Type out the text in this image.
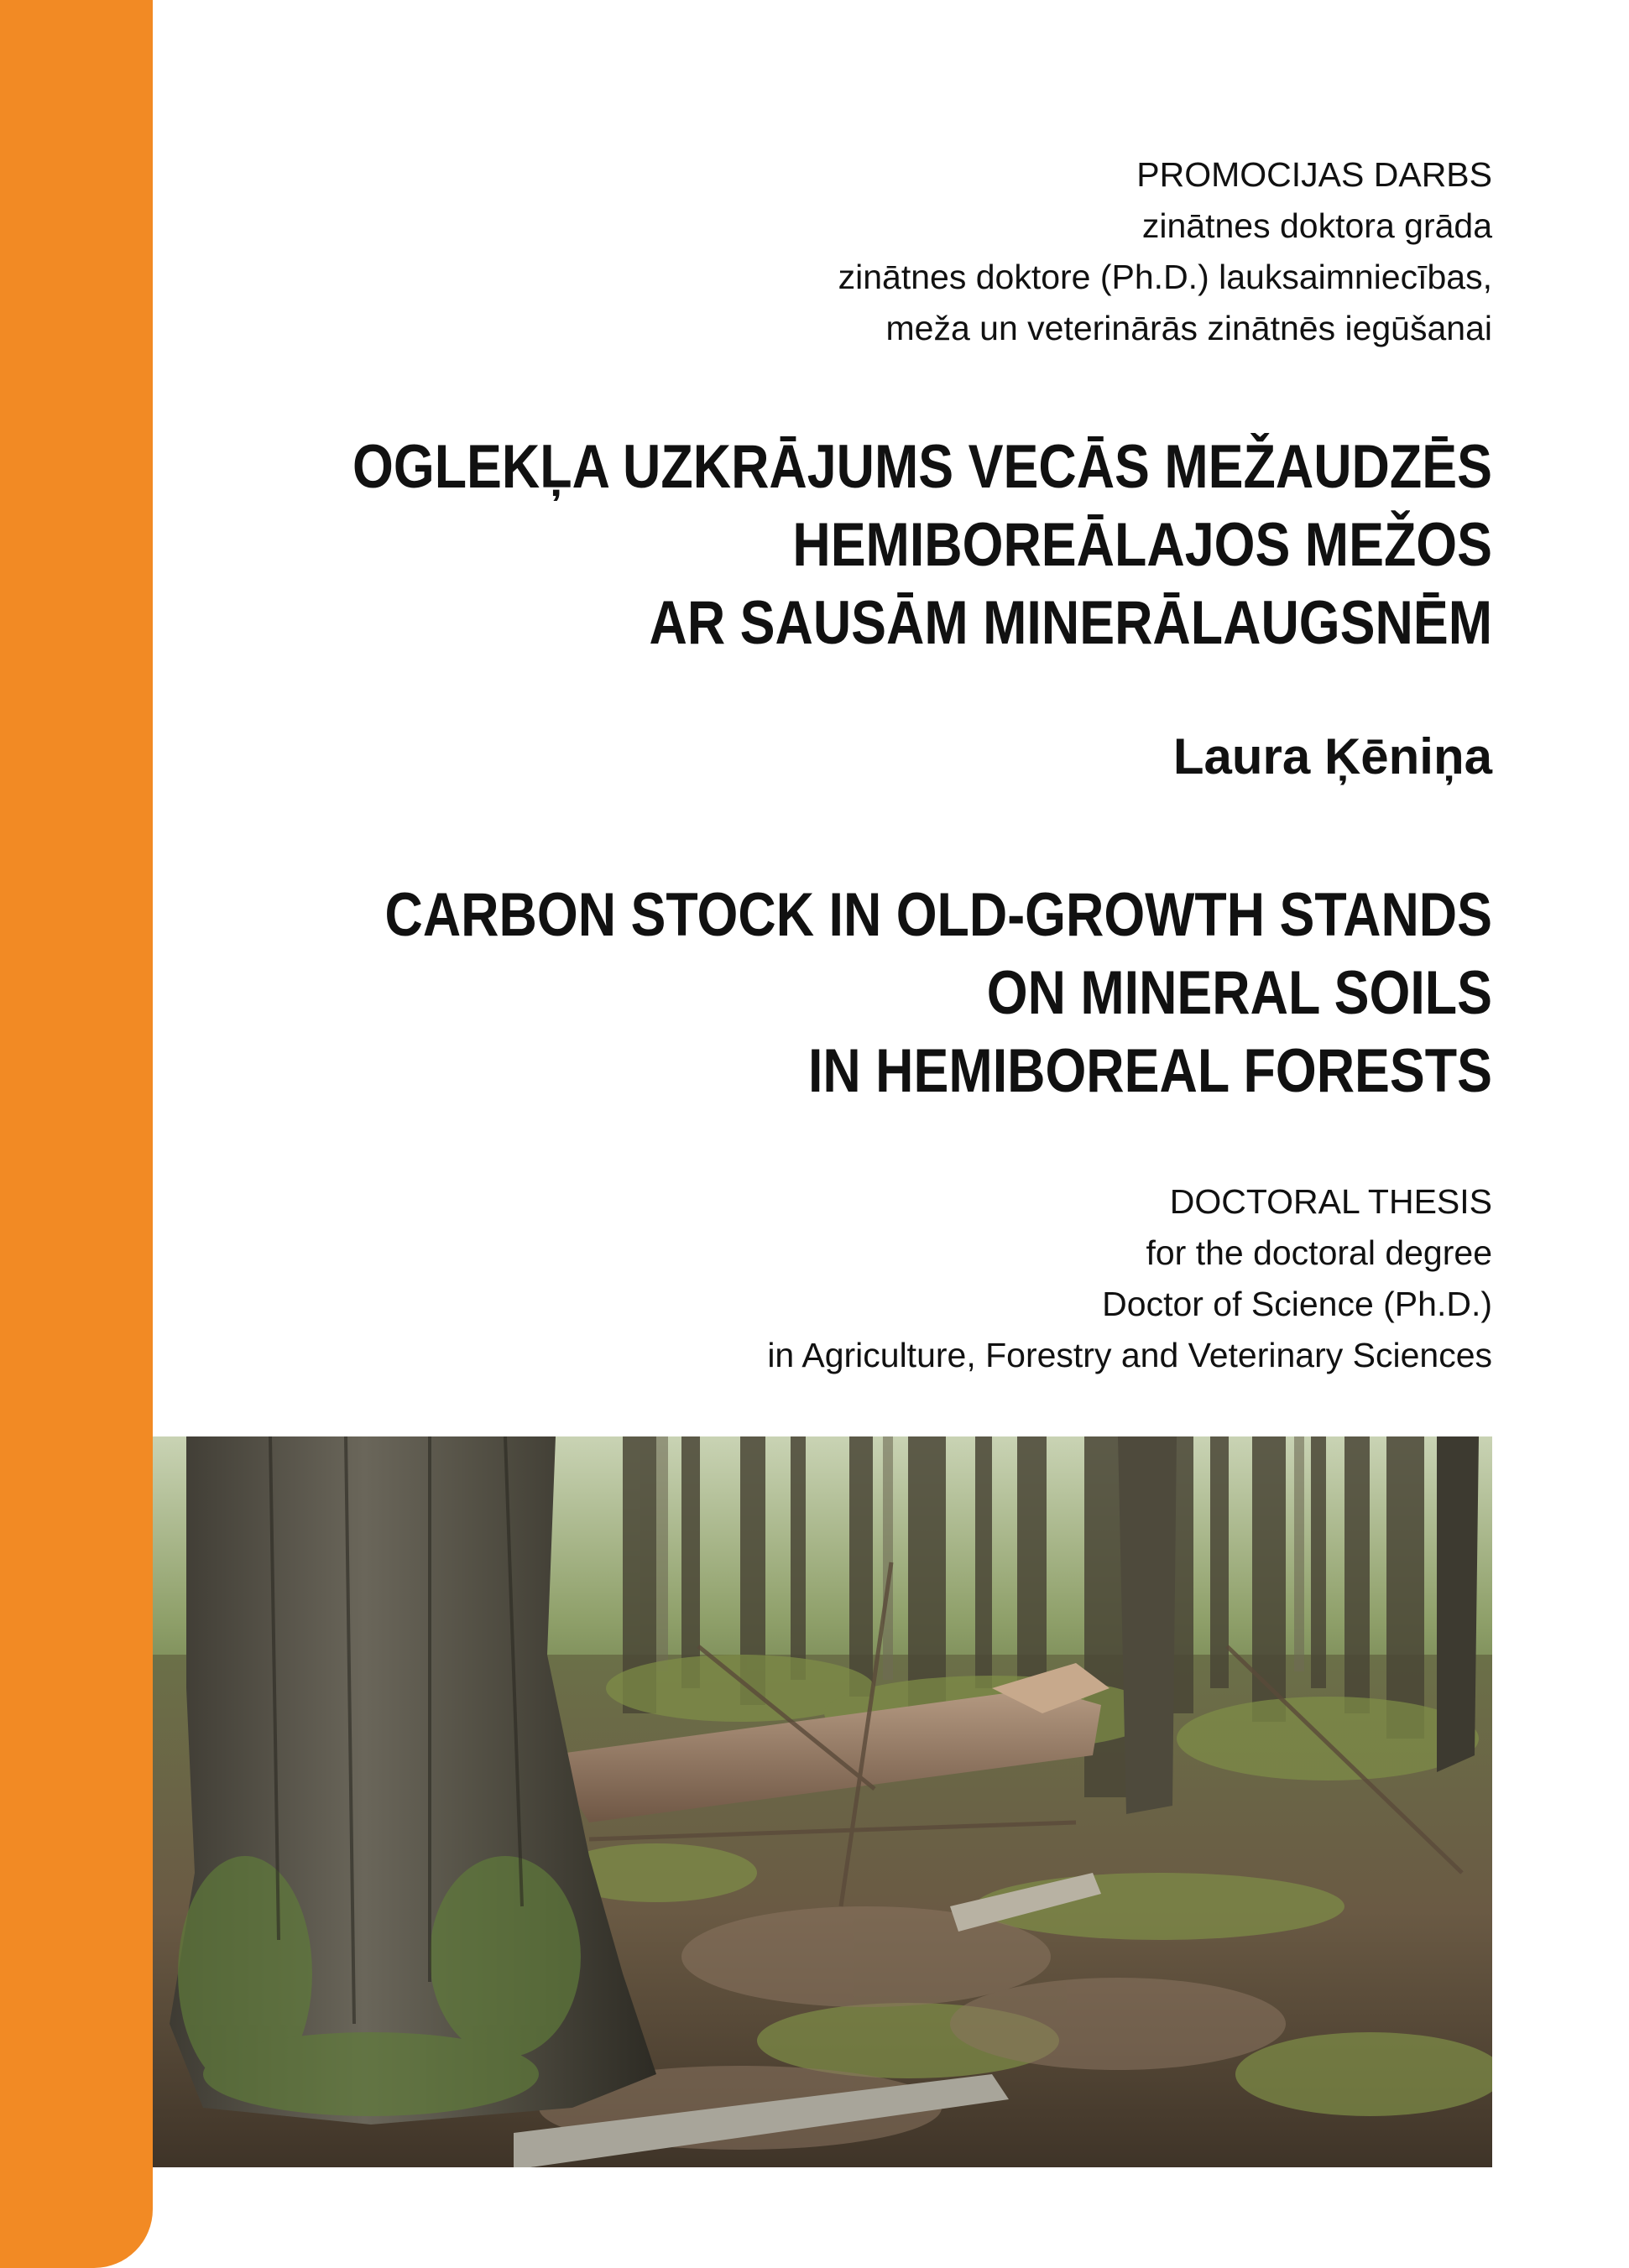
PROMOCIJAS DARBS
zinātnes doktora grāda
zinātnes doktore (Ph.D.) lauksaimniecības,
meža un veterinārās zinātnēs iegūšanai
OGLEKĻA UZKRĀJUMS VECĀS MEŽAUDZĒS
HEMIBOREĀLAJOS MEŽOS
AR SAUSĀM MINERĀLAUGSNĒM
Laura Ķēniņa
CARBON STOCK IN OLD-GROWTH STANDS
ON MINERAL SOILS
IN HEMIBOREAL FORESTS
DOCTORAL THESIS
for the doctoral degree
Doctor of Science (Ph.D.)
in Agriculture, Forestry and Veterinary Sciences
